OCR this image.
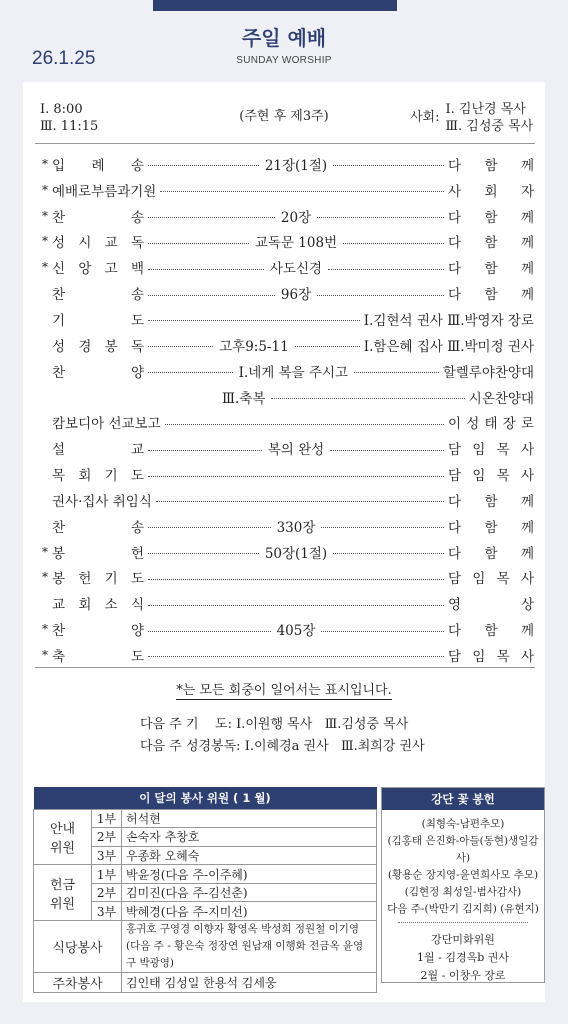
주일 예배
SUNDAY WORSHIP
26.1.25
Ⅰ. 8:00
Ⅲ. 11:15
(주현 후 제3주)	사회:
Ⅰ. 김난경 목사
Ⅲ. 김성중 목사
* 입 례 송	21장(1절)	다 함 께
* 예배로부름과기원	사 회 자
* 찬	송	20장	다 함 께
* 성 시 교 독	교독문 108번	다 함 께
* 신 앙 고 백	사도신경	다 함 께
찬	송	96장	다 함 께
기	도	Ⅰ.김현석 권사 Ⅲ.박영자 장로
성 경 봉 독	고후9:5-11	Ⅰ.함은혜 집사 Ⅲ.박미정 권사
찬	양	Ⅰ.네게 복을 주시고	할렐루야찬양대
Ⅲ.축복	시온찬양대
캄보디아 선교보고	이 성 태 장 로
설	교	복의 완성	담 임 목 사
목 회 기 도	담 임 목 사
권사·집사 취임식	다 함 께
찬	송	330장	다 함 께
* 봉	헌	50장(1절)	다 함 께
* 봉 헌 기 도	담 임 목 사
교 회 소 식	영	상
* 찬	양	405장	다 함 께
* 축	도	담 임 목 사
*는 모든 회중이 일어서는 표시입니다.
다음 주 기    도: Ⅰ.이원행 목사   Ⅲ.김성중 목사
다음 주 성경봉독: Ⅰ.이혜경a 권사   Ⅲ.최희강 권사
이 달의 봉사 위원 ( 1 월)		
안내
위원	1부	허석현
	2부	손숙자 추창호
	3부	우종화 오혜숙
헌금
위원	1부	박윤정(다음 주-이주혜)
	2부	김미진(다음 주-김선춘)
	3부	박혜경(다음 주-지미선)
식당봉사		홍귀호 구영경 이향자 황영옥 박성희 정원철 이기영
(다음 주 - 황은숙 정장연 원남재 이행화 전금옥 윤영구 박광영)

주차봉사		김인태 김성일 한용석 김세웅
강단 꽃 봉헌
(최형숙-남편추모)
(김홍태 은진화-아들(동현)생일감사)
(황용순 장지영-윤연희사모 추모)
(김현정 최성일-범사감사)
다음 주-(박만기 김지희) (유현지)
강단미화위원
1월 - 김경옥b 권사
2월 - 이창우 장로
